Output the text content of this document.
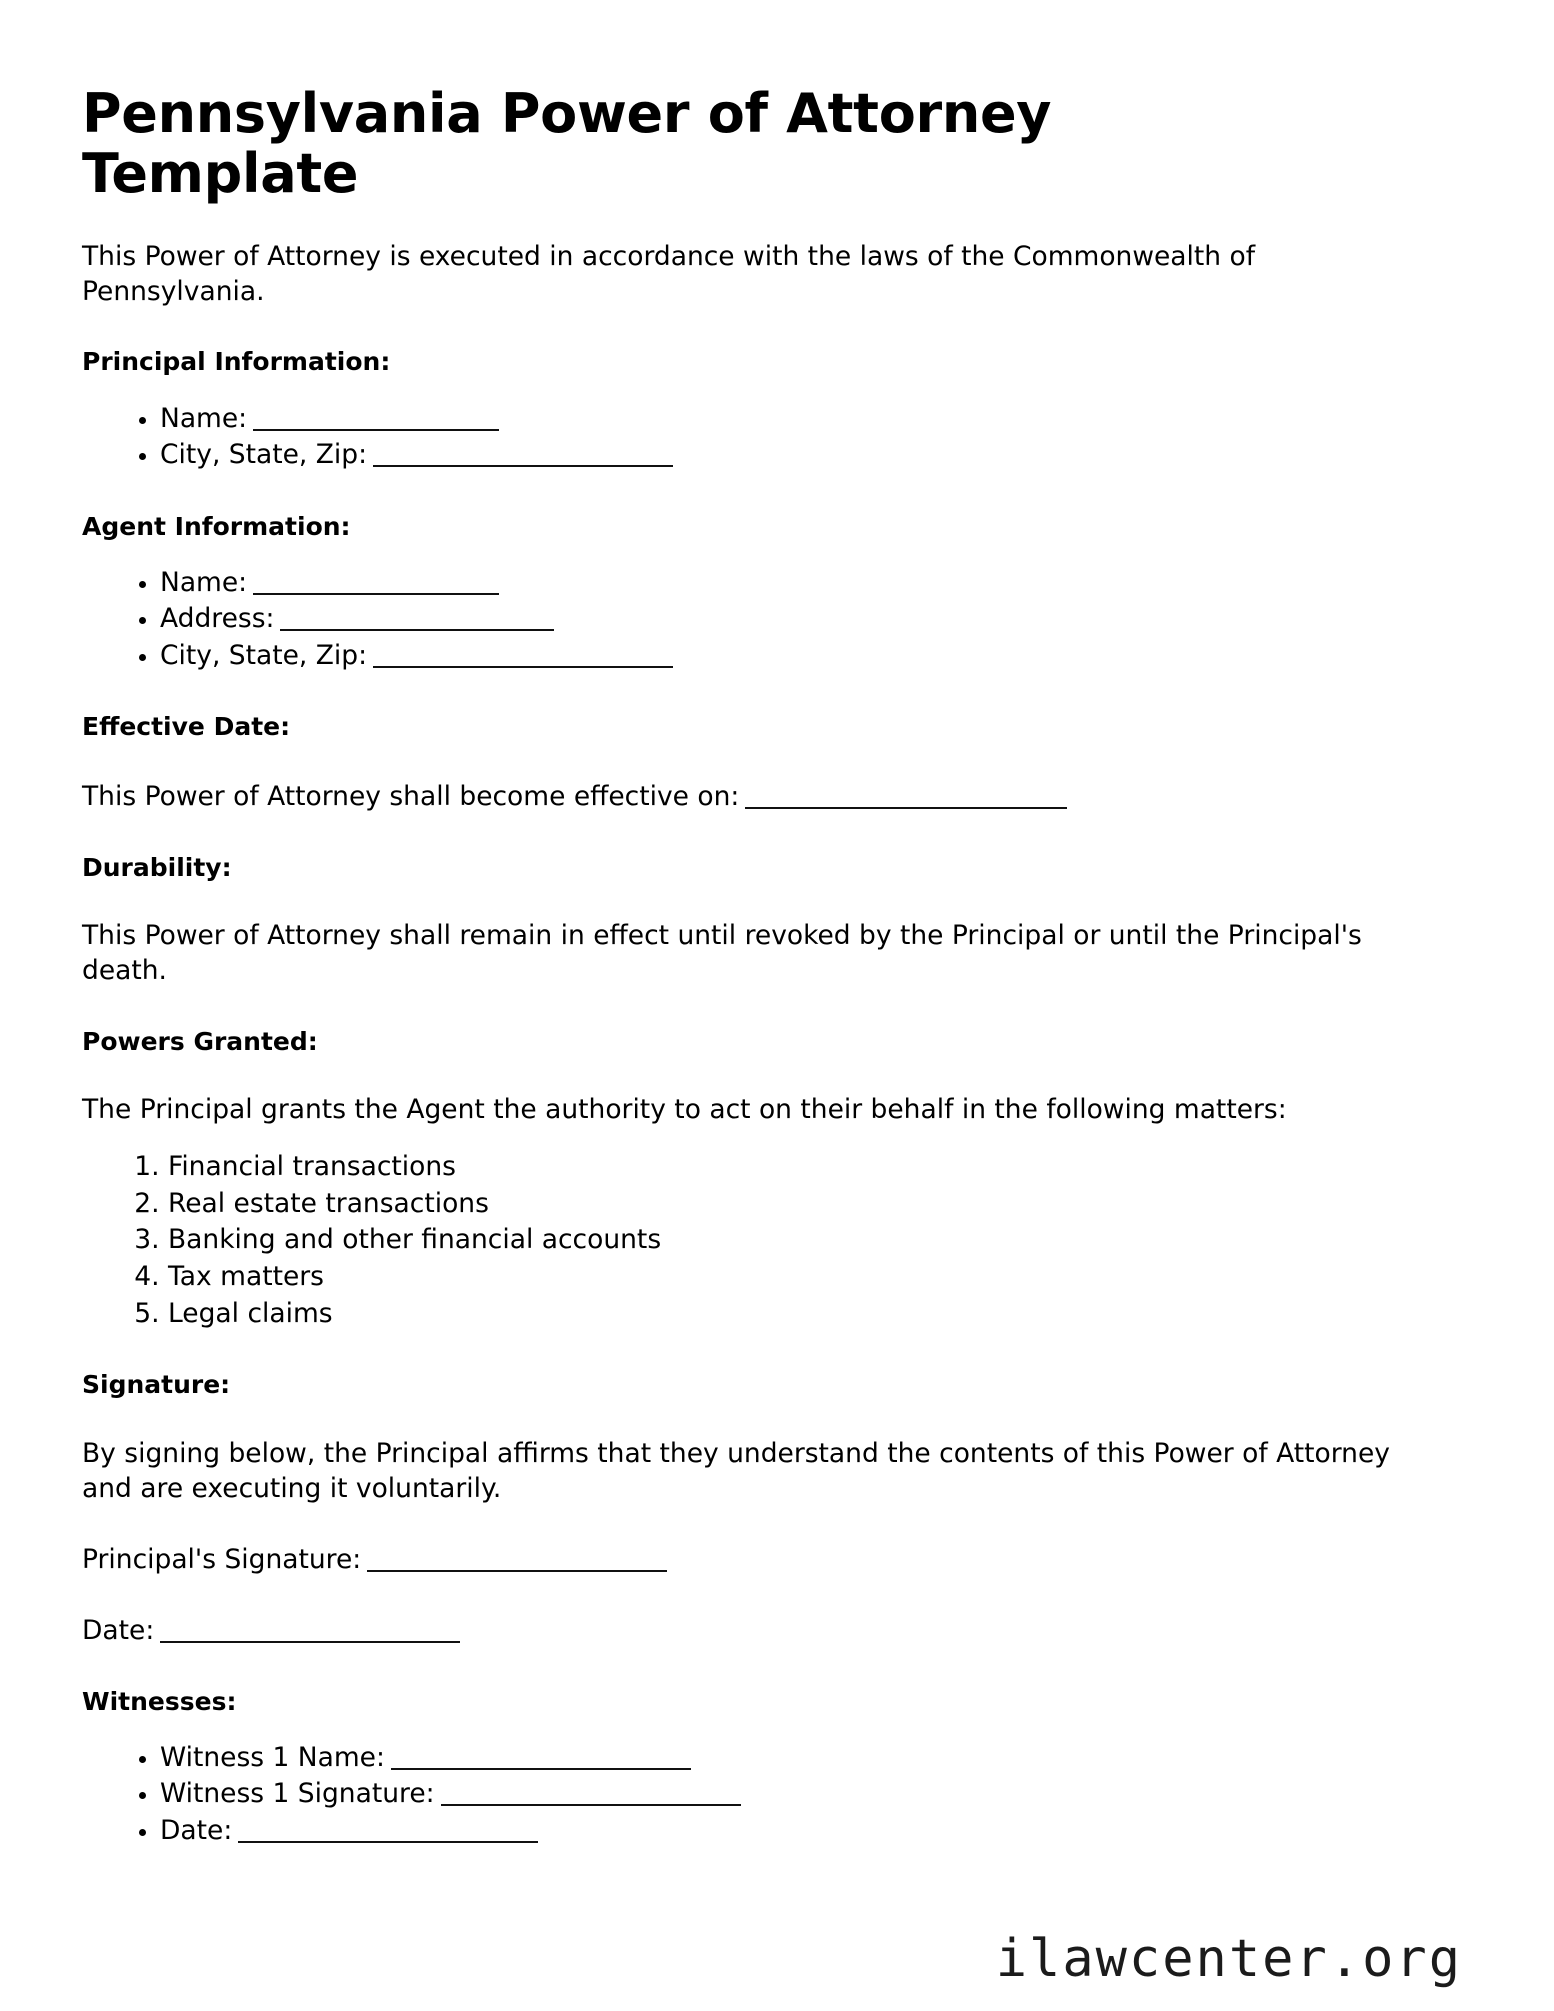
Pennsylvania Power of Attorney Template

This Power of Attorney is executed in accordance with the laws of the Commonwealth of Pennsylvania.

Principal Information:
• Name:
• City, State, Zip:
Agent Information:
• Name:
• Address:
• City, State, Zip:
Effective Date:

This Power of Attorney shall become effective on:

Durability:

This Power of Attorney shall remain in effect until revoked by the Principal or until the Principal's death.

Powers Granted:

The Principal grants the Agent the authority to act on their behalf in the following matters:

1. Financial transactions
2. Real estate transactions
3. Banking and other financial accounts
4. Tax matters
5. Legal claims
Signature:

By signing below, the Principal affirms that they understand the contents of this Power of Attorney and are executing it voluntarily.

Principal's Signature:

Date:

Witnesses:
• Witness 1 Name:
• Witness 1 Signature:
• Date:
ilawcenter.org
